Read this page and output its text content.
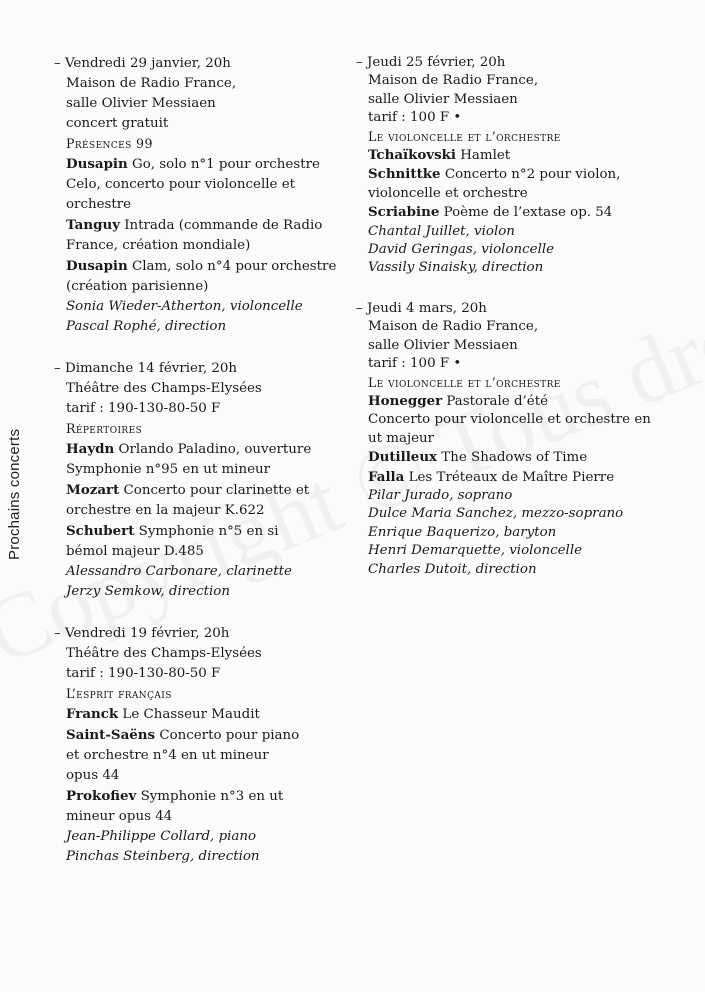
Prochains concerts
– Vendredi 29 janvier, 20h
Maison de Radio France,
salle Olivier Messiaen
concert gratuit
Présences 99
Dusapin Go, solo n°1 pour orchestre
Celo, concerto pour violoncelle et
orchestre
Tanguy Intrada (commande de Radio
France, création mondiale)
Dusapin Clam, solo n°4 pour orchestre
(création parisienne)
Sonia Wieder-Atherton, violoncelle
Pascal Rophé, direction
– Dimanche 14 février, 20h
Théâtre des Champs-Elysées
tarif : 190-130-80-50 F
Répertoires
Haydn Orlando Paladino, ouverture
Symphonie n°95 en ut mineur
Mozart Concerto pour clarinette et
orchestre en la majeur K.622
Schubert Symphonie n°5 en si
bémol majeur D.485
Alessandro Carbonare, clarinette
Jerzy Semkow, direction
– Vendredi 19 février, 20h
Théâtre des Champs-Elysées
tarif : 190-130-80-50 F
L’esprit français
Franck Le Chasseur Maudit
Saint-Saëns Concerto pour piano
et orchestre n°4 en ut mineur
opus 44
Prokofiev Symphonie n°3 en ut
mineur opus 44
Jean-Philippe Collard, piano
Pinchas Steinberg, direction
– Jeudi 25 février, 20h
Maison de Radio France,
salle Olivier Messiaen
tarif : 100 F •
Le violoncelle et l’orchestre
Tchaïkovski Hamlet
Schnittke Concerto n°2 pour violon,
violoncelle et orchestre
Scriabine Poème de l’extase op. 54
Chantal Juillet, violon
David Geringas, violoncelle
Vassily Sinaisky, direction
– Jeudi 4 mars, 20h
Maison de Radio France,
salle Olivier Messiaen
tarif : 100 F •
Le violoncelle et l’orchestre
Honegger Pastorale d’été
Concerto pour violoncelle et orchestre en
ut majeur
Dutilleux The Shadows of Time
Falla Les Tréteaux de Maître Pierre
Pilar Jurado, soprano
Dulce Maria Sanchez, mezzo-soprano
Enrique Baquerizo, baryton
Henri Demarquette, violoncelle
Charles Dutoit, direction
